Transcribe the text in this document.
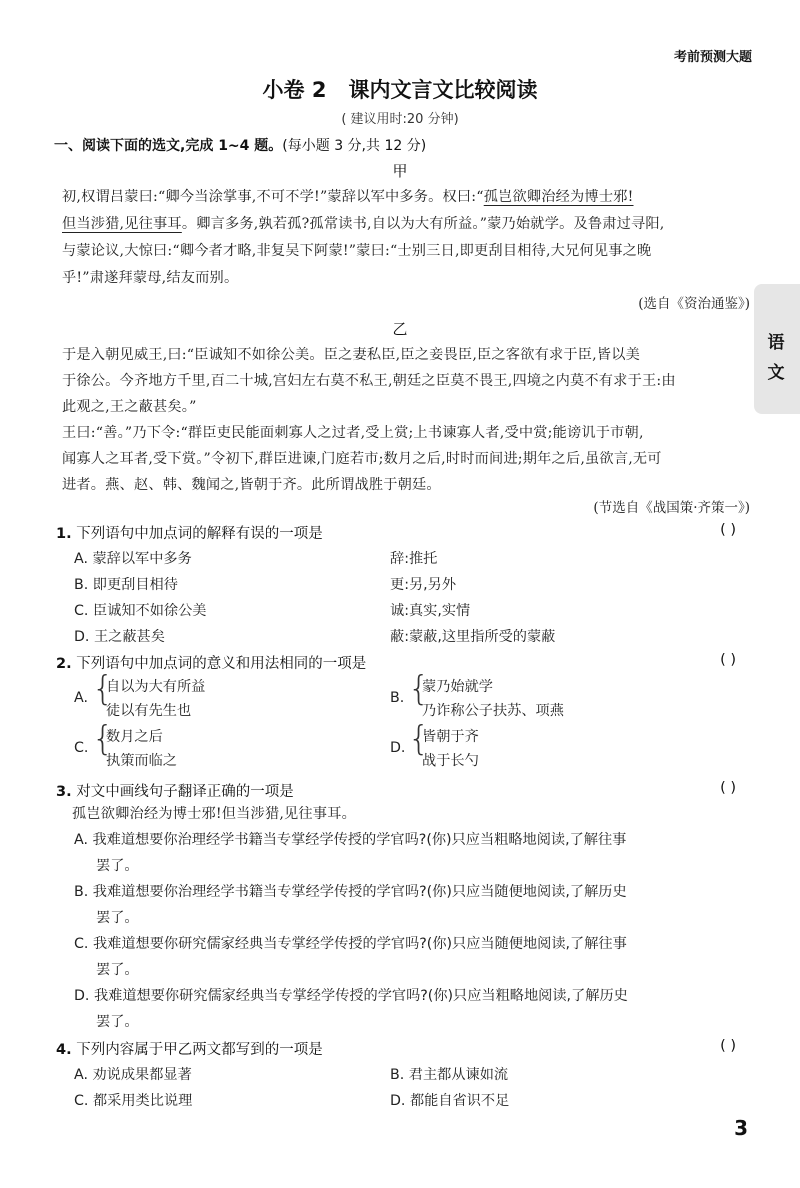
考前预测大题
语文
小卷 2 课内文言文比较阅读
( 建议用时:20 分钟)
一、阅读下面的选文,完成 1~4 题。(每小题 3 分,共 12 分)
甲
初,权谓吕蒙曰:“卿今当涂掌事,不可不学!”蒙辞以军中多务。权曰:“孤岂欲卿治经为博士邪!
但当涉猎,见往事耳。卿言多务,孰若孤?孤常读书,自以为大有所益。”蒙乃始就学。及鲁肃过寻阳,
与蒙论议,大惊曰:“卿今者才略,非复吴下阿蒙!”蒙曰:“士别三日,即更刮目相待,大兄何见事之晚
乎!”肃遂拜蒙母,结友而别。
(选自《资治通鉴》)
乙
于是入朝见威王,曰:“臣诚知不如徐公美。臣之妻私臣,臣之妾畏臣,臣之客欲有求于臣,皆以美
于徐公。今齐地方千里,百二十城,宫妇左右莫不私王,朝廷之臣莫不畏王,四境之内莫不有求于王:由
此观之,王之蔽甚矣。”
王曰:“善。”乃下令:“群臣吏民能面刺寡人之过者,受上赏;上书谏寡人者,受中赏;能谤讥于市朝,
闻寡人之耳者,受下赏。”令初下,群臣进谏,门庭若市;数月之后,时时而间进;期年之后,虽欲言,无可
进者。燕、赵、韩、魏闻之,皆朝于齐。此所谓战胜于朝廷。
(节选自《战国策·齐策一》)
1. 下列语句中加点词的解释有误的一项是	( )
A. 蒙辞以军中多务	辞:推托
B. 即更刮目相待	更:另,另外
C. 臣诚知不如徐公美	诚:真实,实情
D. 王之蔽甚矣	蔽:蒙蔽,这里指所受的蒙蔽
2. 下列语句中加点词的意义和用法相同的一项是	( )
A. {
自以为大有所益
徒以有先生也
B. {
蒙乃始就学
乃诈称公子扶苏、项燕
C. {
数月之后
执策而临之
D. {
皆朝于齐
战于长勺
3. 对文中画线句子翻译正确的一项是	( )
孤岂欲卿治经为博士邪!但当涉猎,见往事耳。
A. 我难道想要你治理经学书籍当专掌经学传授的学官吗?(你)只应当粗略地阅读,了解往事
罢了。
B. 我难道想要你治理经学书籍当专掌经学传授的学官吗?(你)只应当随便地阅读,了解历史
罢了。
C. 我难道想要你研究儒家经典当专掌经学传授的学官吗?(你)只应当随便地阅读,了解往事
罢了。
D. 我难道想要你研究儒家经典当专掌经学传授的学官吗?(你)只应当粗略地阅读,了解历史
罢了。
4. 下列内容属于甲乙两文都写到的一项是	( )
A. 劝说成果都显著	B. 君主都从谏如流
C. 都采用类比说理	D. 都能自省识不足
3
